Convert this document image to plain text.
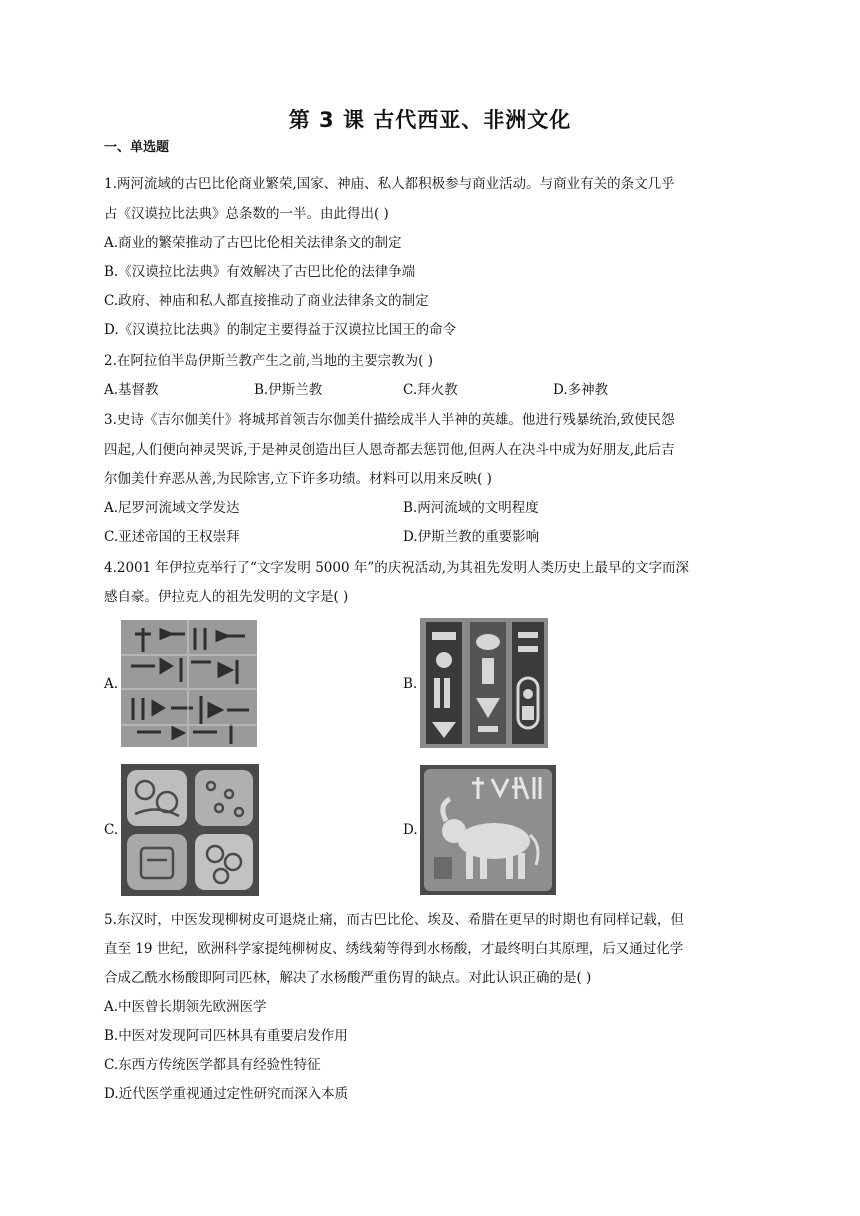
第 3 课 古代西亚、非洲文化
一、单选题
1.两河流域的古巴比伦商业繁荣,国家、神庙、私人都积极参与商业活动。与商业有关的条文几乎
占《汉谟拉比法典》总条数的一半。由此得出( )
A.商业的繁荣推动了古巴比伦相关法律条文的制定
B.《汉谟拉比法典》有效解决了古巴比伦的法律争端
C.政府、神庙和私人都直接推动了商业法律条文的制定
D.《汉谟拉比法典》的制定主要得益于汉谟拉比国王的命令
2.在阿拉伯半岛伊斯兰教产生之前,当地的主要宗教为( )
A.基督教	B.伊斯兰教	C.拜火教	D.多神教
3.史诗《吉尔伽美什》将城邦首领吉尔伽美什描绘成半人半神的英雄。他进行残暴统治,致使民怨
四起,人们便向神灵哭诉,于是神灵创造出巨人恩奇都去惩罚他,但两人在决斗中成为好朋友,此后吉
尔伽美什弃恶从善,为民除害,立下许多功绩。材料可以用来反映( )
A.尼罗河流域文学发达	B.两河流域的文明程度
C.亚述帝国的王权崇拜	D.伊斯兰教的重要影响
4.2001 年伊拉克举行了“文字发明 5000 年”的庆祝活动,为其祖先发明人类历史上最早的文字而深
感自豪。伊拉克人的祖先发明的文字是( )
A.	B.
C.	D.
5.东汉时，中医发现柳树皮可退烧止痛，而古巴比伦、埃及、希腊在更早的时期也有同样记载，但
直至 19 世纪，欧洲科学家提纯柳树皮、绣线菊等得到水杨酸，才最终明白其原理，后又通过化学
合成乙酰水杨酸即阿司匹林，解决了水杨酸严重伤胃的缺点。对此认识正确的是( )
A.中医曾长期领先欧洲医学
B.中医对发现阿司匹林具有重要启发作用
C.东西方传统医学都具有经验性特征
D.近代医学重视通过定性研究而深入本质
